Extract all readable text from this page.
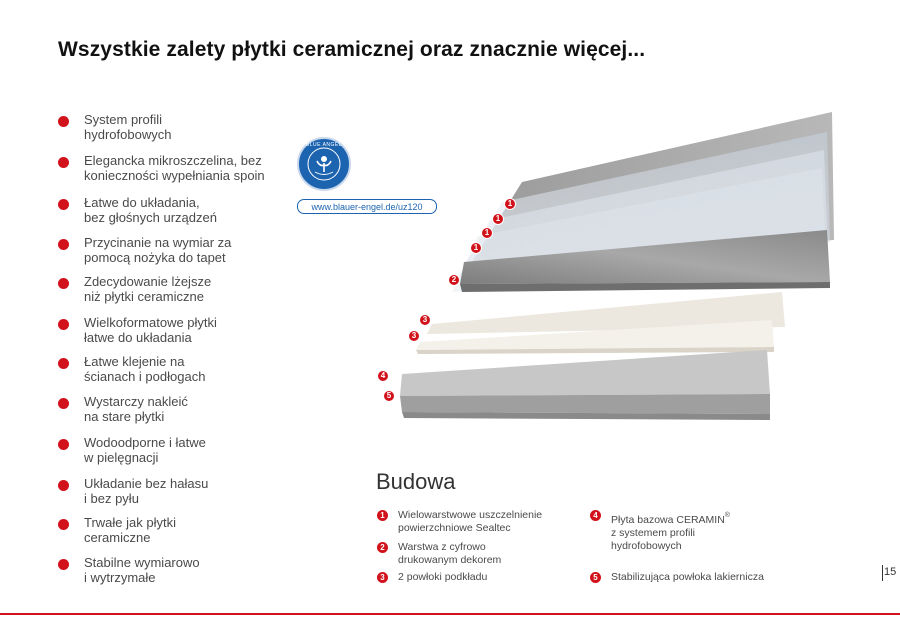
Wszystkie zalety płytki ceramicznej oraz znacznie więcej...
System profili
hydrofobowych
Elegancka mikroszczelina, bez
konieczności wypełniania spoin
Łatwe do układania,
bez głośnych urządzeń
Przycinanie na wymiar za
pomocą nożyka do tapet
Zdecydowanie lżejsze
niż płytki ceramiczne
Wielkoformatowe płytki
łatwe do układania
Łatwe klejenie na
ścianach i podłogach
Wystarczy nakleić
na stare płytki
Wodoodporne i łatwe
w pielęgnacji
Układanie bez hałasu
i bez pyłu
Trwałe jak płytki
ceramiczne
Stabilne wymiarowo
i wytrzymałe
BLUE ANGEL
www.blauer-engel.de/uz120	1
1
1
1
2
3
3
4
5
Budowa
1	Wielowarstwowe uszczelnienie
powierzchniowe Sealtec
2	Warstwa z cyfrowo
drukowanym dekorem
3	2 powłoki podkładu
4	Płyta bazowa CERAMIN®
z systemem profili
hydrofobowych
5	Stabilizująca powłoka lakiernicza	15
